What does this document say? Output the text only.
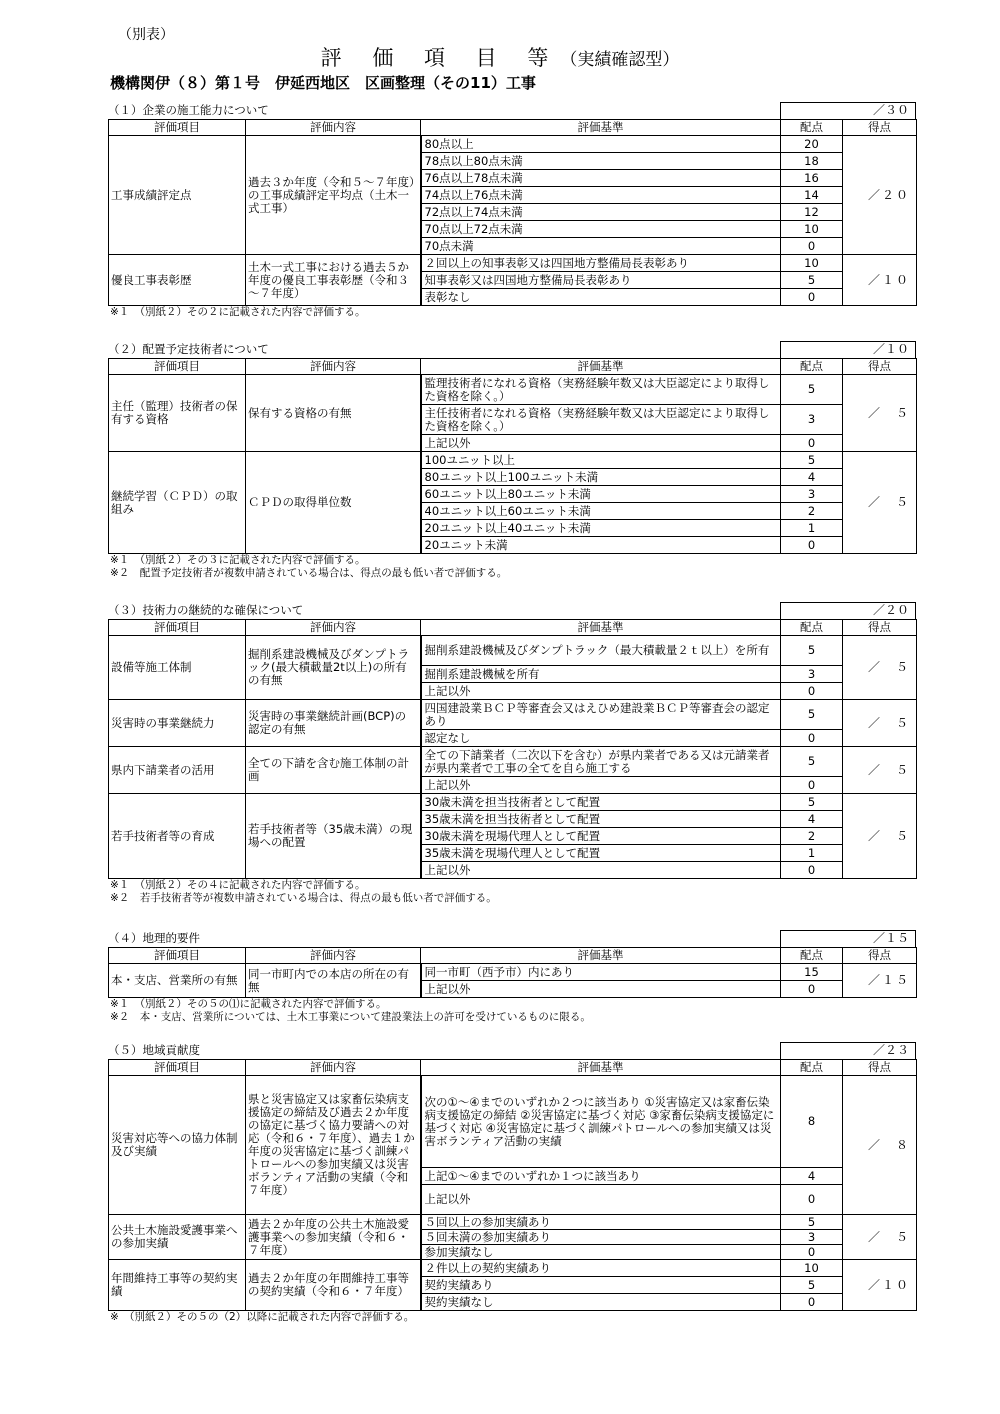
（別表）
評 価 項 目 等（実績確認型）
機構関伊（８）第１号　伊延西地区　区画整理（その11）工事
（１）企業の施工能力について	／３０
評価項目	評価内容	評価基準	配点	得点
工事成績評定点	過去３か年度（令和５～７年度）の工事成績評定平均点（土木一式工事）	80点以上	20	／２０
		78点以上80点未満	18	
		76点以上78点未満	16	
		74点以上76点未満	14	
		72点以上74点未満	12	
		70点以上72点未満	10	
		70点未満	0	
優良工事表彰歴	土木一式工事における過去５か年度の優良工事表彰歴（令和３～７年度）	２回以上の知事表彰又は四国地方整備局長表彰あり	10	／１０
		知事表彰又は四国地方整備局長表彰あり	5	
		表彰なし	0	
※１　（別紙２）その２に記載された内容で評価する。
（２）配置予定技術者について	／１０
評価項目	評価内容	評価基準	配点	得点
主任（監理）技術者の保有する資格	保有する資格の有無	監理技術者になれる資格（実務経験年数又は大臣認定により取得した資格を除く。）	5	／　５
		主任技術者になれる資格（実務経験年数又は大臣認定により取得した資格を除く。）	3	
		上記以外	0	
継続学習（ＣＰＤ）の取組み	ＣＰＤの取得単位数	100ユニット以上	5	／　５
		80ユニット以上100ユニット未満	4	
		60ユニット以上80ユニット未満	3	
		40ユニット以上60ユニット未満	2	
		20ユニット以上40ユニット未満	1	
		20ユニット未満	0	
※１　（別紙２）その３に記載された内容で評価する。
※２　配置予定技術者が複数申請されている場合は、得点の最も低い者で評価する。
（３）技術力の継続的な確保について	／２０
評価項目	評価内容	評価基準	配点	得点
設備等施工体制	掘削系建設機械及びダンプトラック(最大積載量2t以上)の所有の有無	掘削系建設機械及びダンプトラック（最大積載量２ｔ以上）を所有	5	／　５
		掘削系建設機械を所有	3	
		上記以外	0	
災害時の事業継続力	災害時の事業継続計画(BCP)の認定の有無	四国建設業ＢＣＰ等審査会又はえひめ建設業ＢＣＰ等審査会の認定あり	5	／　５
		認定なし	0	
県内下請業者の活用	全ての下請を含む施工体制の計画	全ての下請業者（二次以下を含む）が県内業者である又は元請業者が県内業者で工事の全てを自ら施工する	5	／　５
		上記以外	0	
若手技術者等の育成	若手技術者等（35歳未満）の現場への配置	30歳未満を担当技術者として配置	5	／　５
		35歳未満を担当技術者として配置	4	
		30歳未満を現場代理人として配置	2	
		35歳未満を現場代理人として配置	1	
		上記以外	0	
※１　（別紙２）その４に記載された内容で評価する。
※２　若手技術者等が複数申請されている場合は、得点の最も低い者で評価する。
（４）地理的要件	／１５
評価項目	評価内容	評価基準	配点	得点
本・支店、営業所の有無	同一市町内での本店の所在の有無	同一市町（西予市）内にあり	15	／１５
		上記以外	0	
※１　（別紙２）その５の⑴に記載された内容で評価する。
※２　本・支店、営業所については、土木工事業について建設業法上の許可を受けているものに限る。
（５）地域貢献度	／２３
評価項目	評価内容	評価基準	配点	得点
災害対応等への協力体制及び実績	県と災害協定又は家畜伝染病支援協定の締結及び過去２か年度の協定に基づく協力要請への対応（令和６・７年度）、過去１か年度の災害協定に基づく訓練パトロールへの参加実績又は災害ボランティア活動の実績（令和７年度）	次の①～④までのいずれか２つに該当あり ①災害協定又は家畜伝染病支援協定の締結 ②災害協定に基づく対応 ③家畜伝染病支援協定に基づく対応 ④災害協定に基づく訓練パトロールへの参加実績又は災害ボランティア活動の実績	8	／　８
		上記①～④までのいずれか１つに該当あり	4	
		上記以外	0	
公共土木施設愛護事業への参加実績	過去２か年度の公共土木施設愛護事業への参加実績（令和６・７年度）	５回以上の参加実績あり	5	／　５
		５回未満の参加実績あり	3	
		参加実績なし	0	
年間維持工事等の契約実績	過去２か年度の年間維持工事等の契約実績（令和６・７年度）	２件以上の契約実績あり	10	／１０
		契約実績あり	5	
		契約実績なし	0	
※　（別紙２）その５の（2）以降に記載された内容で評価する。
